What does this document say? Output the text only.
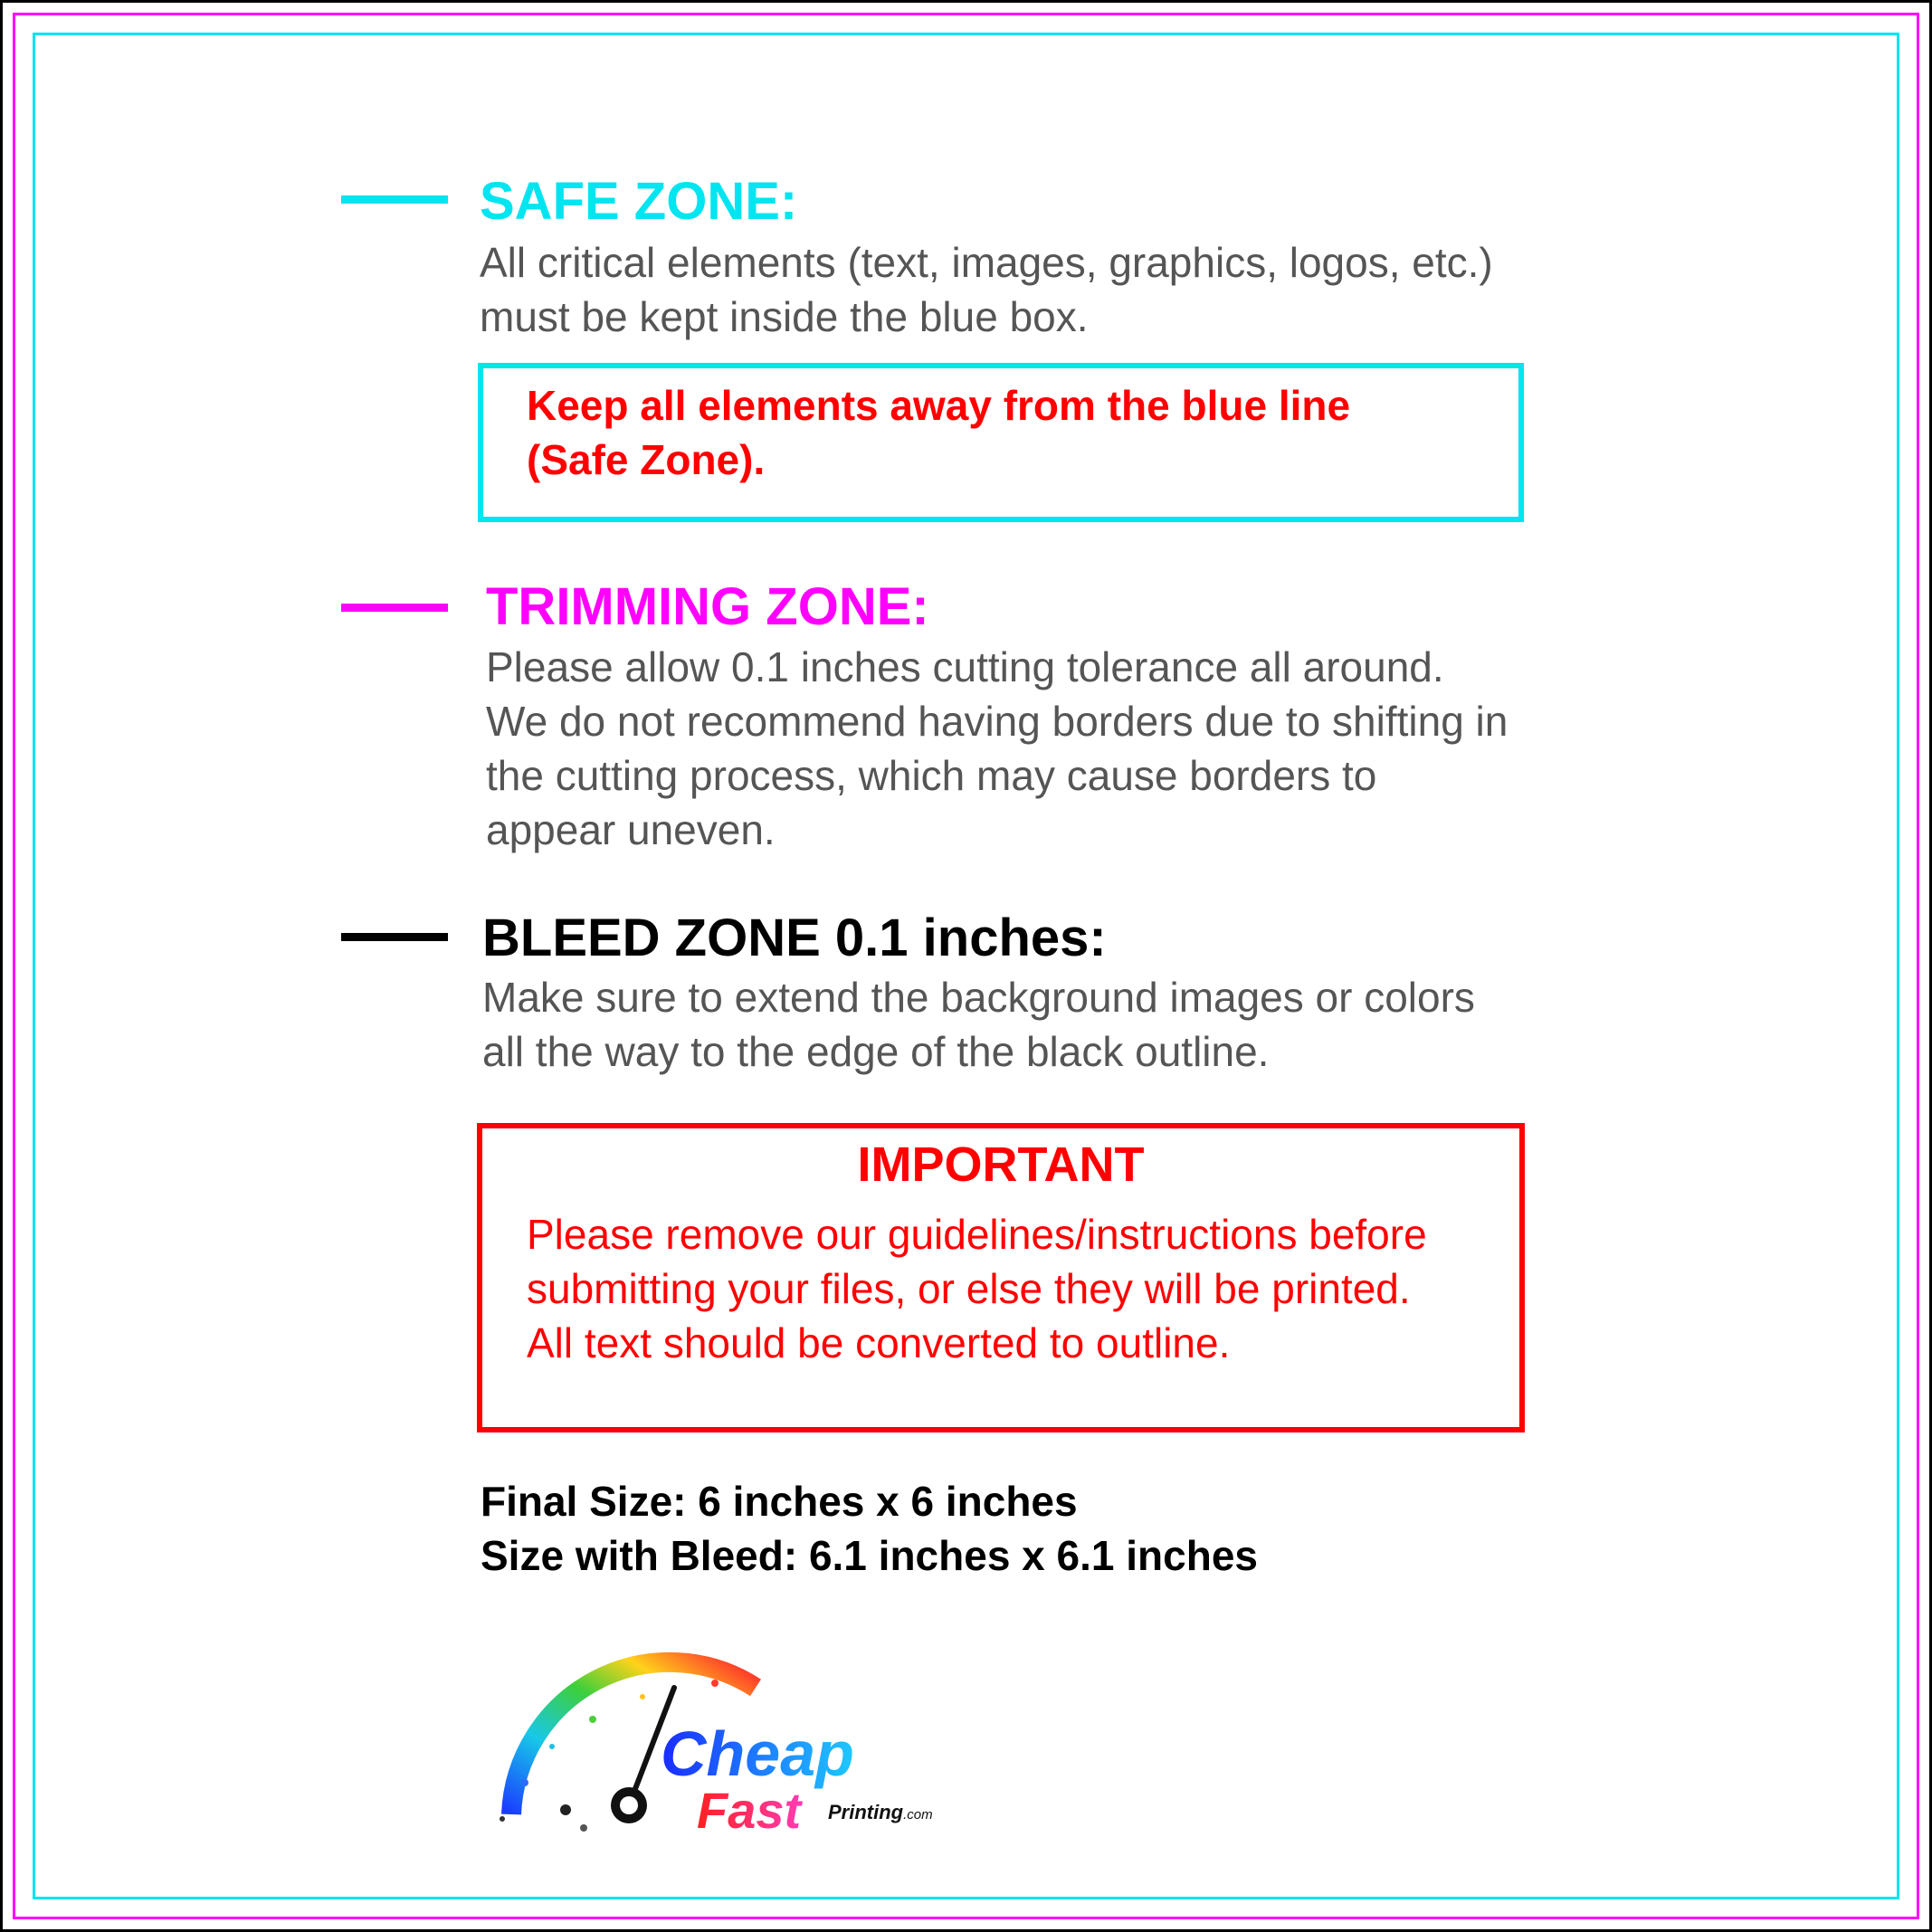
SAFE ZONE:
All critical elements (text, images, graphics, logos, etc.)
must be kept inside the blue box.
Keep all elements away from the blue line
(Safe Zone).
TRIMMING ZONE:
Please allow 0.1 inches cutting tolerance all around.
We do not recommend having borders due to shifting in
the cutting process, which may cause borders to
appear uneven.
BLEED ZONE 0.1 inches:
Make sure to extend the background images or colors
all the way to the edge of the black outline.
IMPORTANT
Please remove our guidelines/instructions before
submitting your files, or else they will be printed.
All text should be converted to outline.
Final Size: 6 inches x 6 inches
Size with Bleed: 6.1 inches x 6.1 inches
Cheap
Fast Printing.com
